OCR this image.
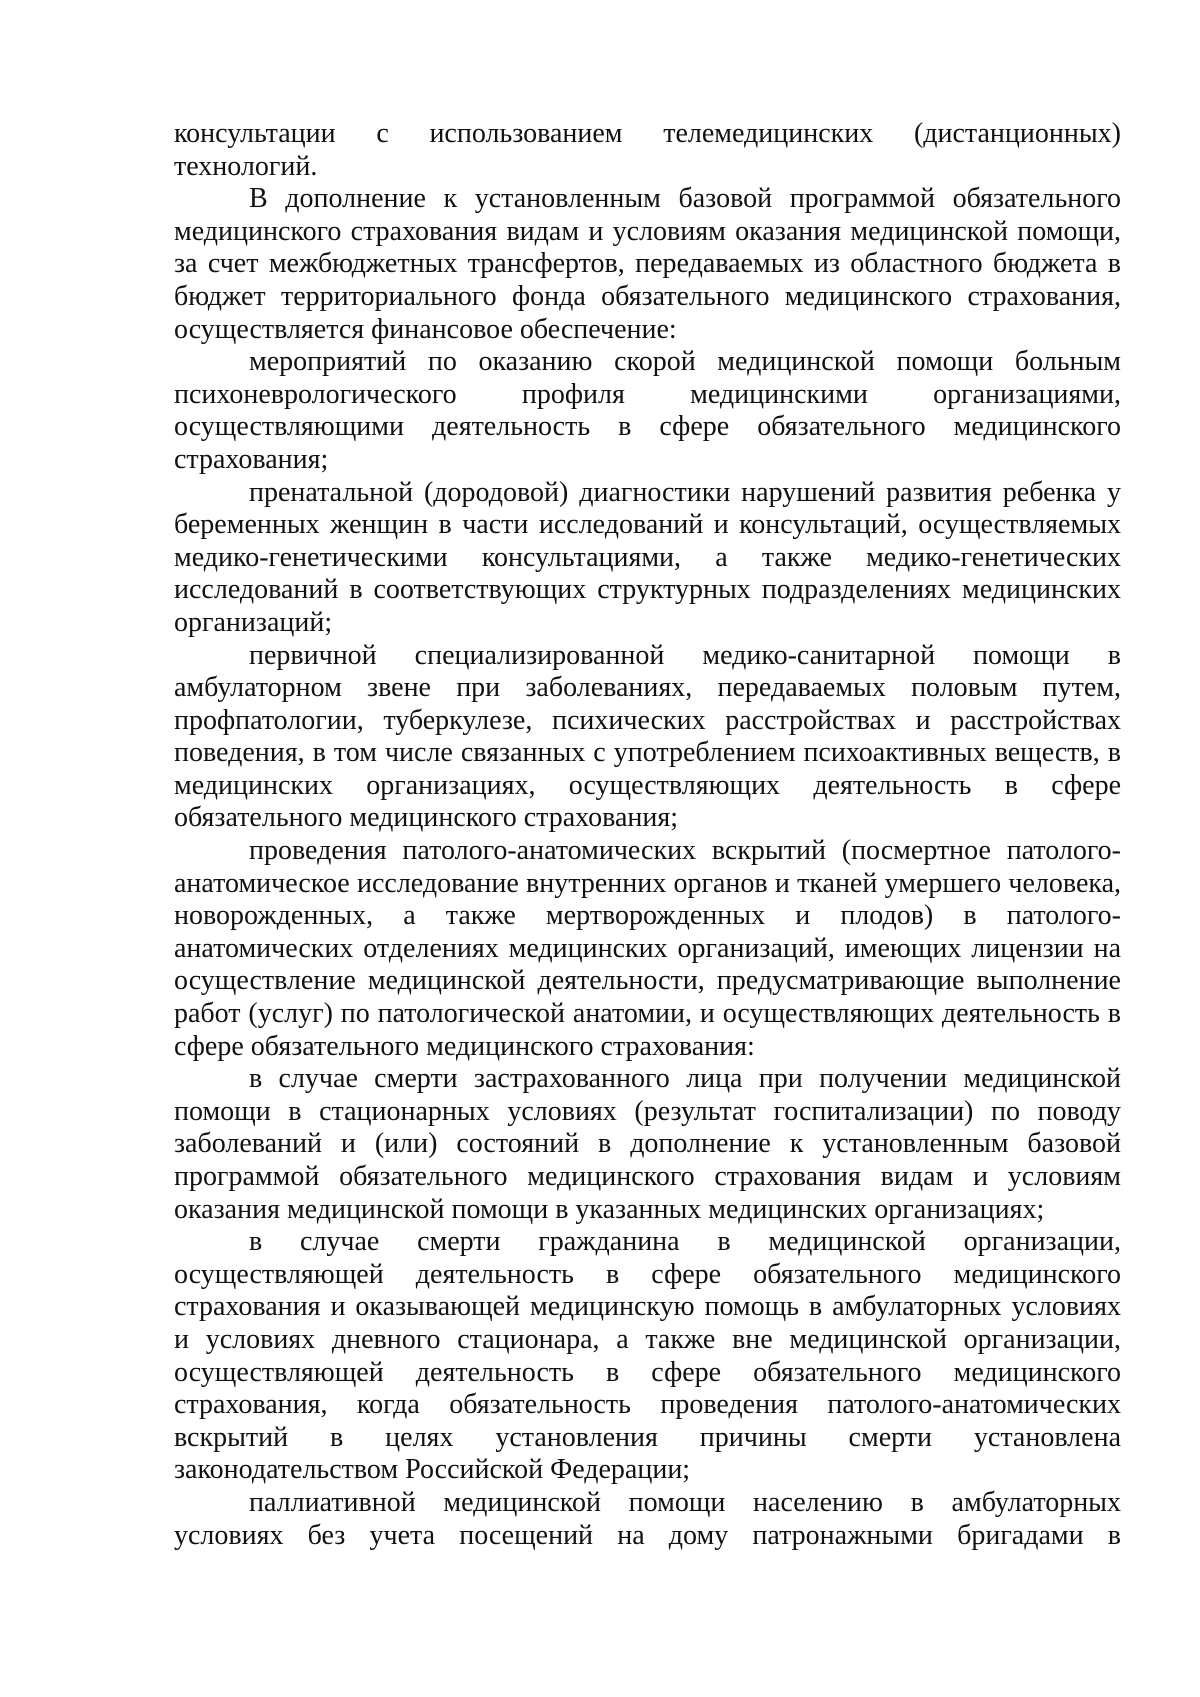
консультации с использованием телемедицинских (дистанционных) технологий.

В дополнение к установленным базовой программой обязательного медицинского страхования видам и условиям оказания медицинской помощи, за счет межбюджетных трансфертов, передаваемых из областного бюджета в бюджет территориального фонда обязательного медицинского страхования, осуществляется финансовое обеспечение:

мероприятий по оказанию скорой медицинской помощи больным психоневрологического профиля медицинскими организациями, осуществляющими деятельность в сфере обязательного медицинского страхования;

пренатальной (дородовой) диагностики нарушений развития ребенка у беременных женщин в части исследований и консультаций, осуществляемых медико-генетическими консультациями, а также медико-генетических исследований в соответствующих структурных подразделениях медицинских организаций;

первичной специализированной медико-санитарной помощи в амбулаторном звене при заболеваниях, передаваемых половым путем, профпатологии, туберкулезе, психических расстройствах и расстройствах поведения, в том числе связанных с употреблением психоактивных веществ, в медицинских организациях, осуществляющих деятельность в сфере обязательного медицинского страхования;

проведения патолого-анатомических вскрытий (посмертное патолого-анатомическое исследование внутренних органов и тканей умершего человека, новорожденных, а также мертворожденных и плодов) в патолого-анатомических отделениях медицинских организаций, имеющих лицензии на осуществление медицинской деятельности, предусматривающие выполнение работ (услуг) по патологической анатомии, и осуществляющих деятельность в сфере обязательного медицинского страхования:

в случае смерти застрахованного лица при получении медицинской помощи в стационарных условиях (результат госпитализации) по поводу заболеваний и (или) состояний в дополнение к установленным базовой программой обязательного медицинского страхования видам и условиям оказания медицинской помощи в указанных медицинских организациях;

в случае смерти гражданина в медицинской организации, осуществляющей деятельность в сфере обязательного медицинского страхования и оказывающей медицинскую помощь в амбулаторных условиях и условиях дневного стационара, а также вне медицинской организации, осуществляющей деятельность в сфере обязательного медицинского страхования, когда обязательность проведения патолого-анатомических вскрытий в целях установления причины смерти установлена законодательством Российской Федерации;

паллиативной медицинской помощи населению в амбулаторных условиях без учета посещений на дому патронажными бригадами в
